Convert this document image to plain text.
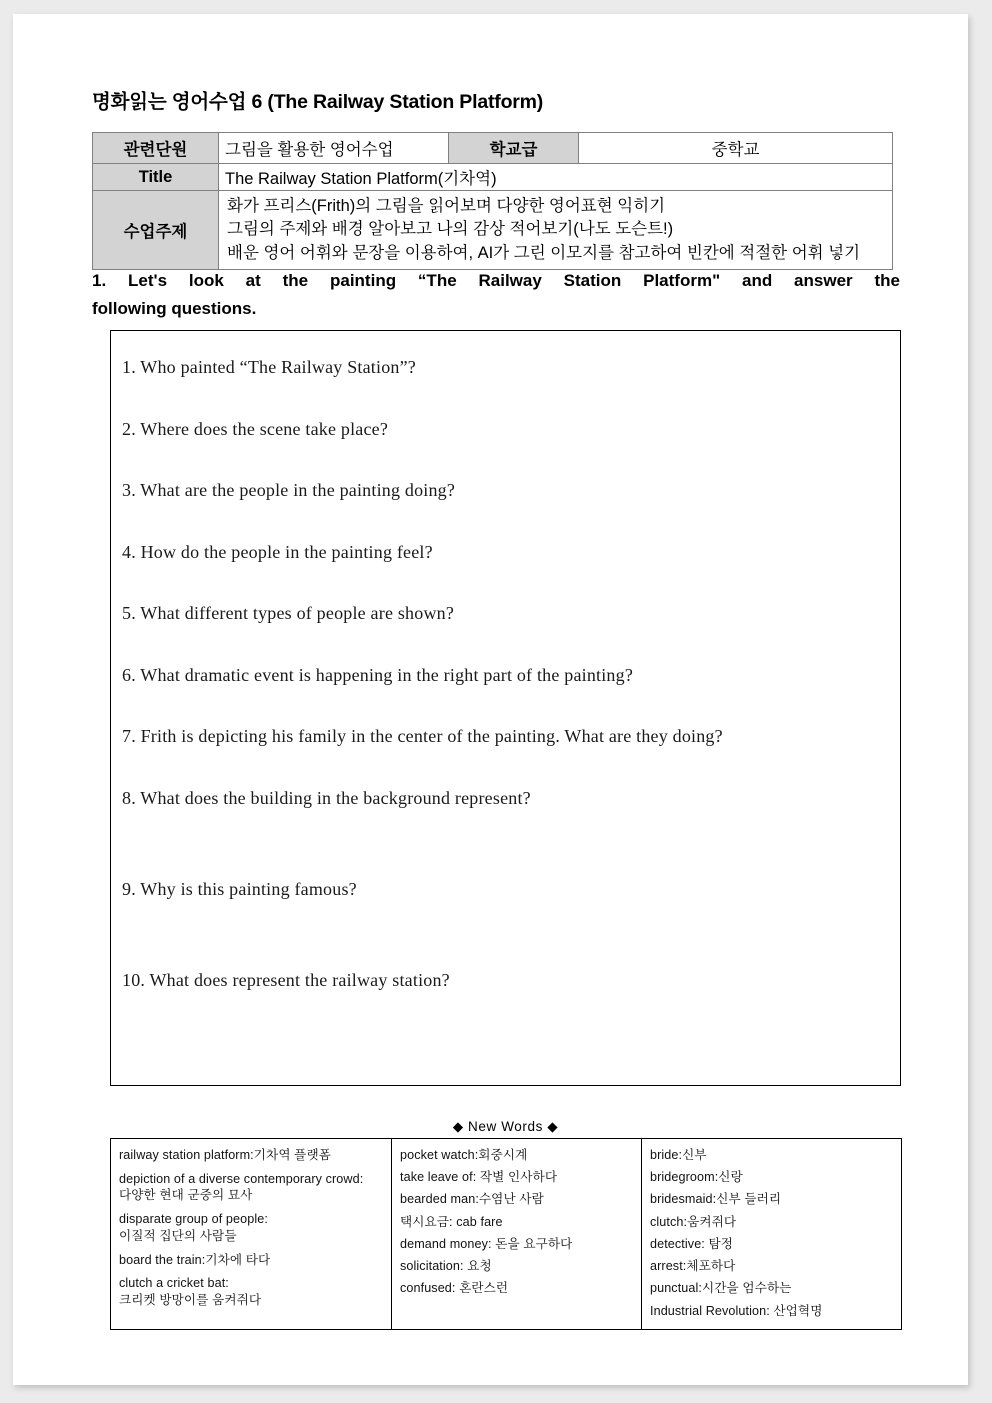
명화읽는 영어수업 6 (The Railway Station Platform)
관련단원	그림을 활용한 영어수업	학교급	중학교
Title	The Railway Station Platform(기차역)		
수업주제	화가 프리스(Frith)의 그림을 읽어보며 다양한 영어표현 익히기
그림의 주제와 배경 알아보고 나의 감상 적어보기(나도 도슨트!)
배운 영어 어휘와 문장을 이용하여, AI가 그린 이모지를 참고하여 빈칸에 적절한 어휘 넣기		
1. Let's look at the painting “The Railway Station Platform" and answer the
following questions.
1. Who painted “The Railway Station”?
2. Where does the scene take place?
3. What are the people in the painting doing?
4. How do the people in the painting feel?
5. What different types of people are shown?
6. What dramatic event is happening in the right part of the painting?
7. Frith is depicting his family in the center of the painting. What are they doing?
8. What does the building in the background represent?
9. Why is this painting famous?
10. What does represent the railway station?
◆ New Words ◆
railway station platform:기차역 플랫폼
depiction of a diverse contemporary crowd:
다양한 현대 군중의 묘사
disparate group of people:
이질적 집단의 사람들
board the train:기차에 타다
clutch a cricket bat:
크리켓 방망이를 움켜쥐다

pocket watch:회중시계
take leave of: 작별 인사하다
bearded man:수염난 사람
택시요금: cab fare
demand money: 돈을 요구하다
solicitation: 요청
confused: 혼란스런

bride:신부
bridegroom:신랑
bridesmaid:신부 들러리
clutch:움켜쥐다
detective: 탐정
arrest:체포하다
punctual:시간을 엄수하는
Industrial Revolution: 산업혁명
